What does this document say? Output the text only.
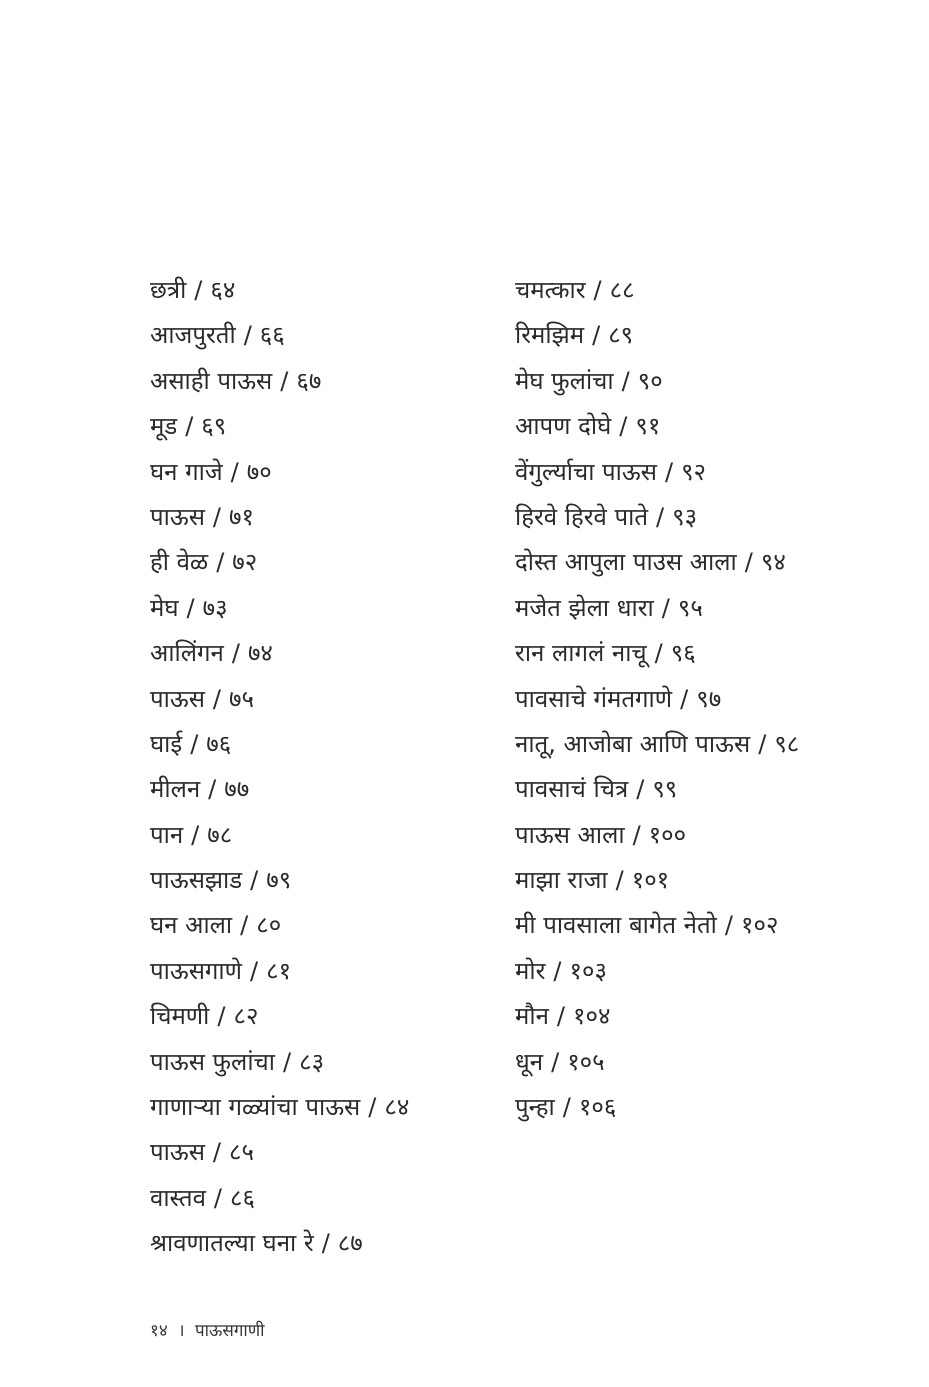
छत्री / ६४
आजपुरती / ६६
असाही पाऊस / ६७
मूड / ६९
घन गाजे / ७०
पाऊस / ७१
ही वेळ / ७२
मेघ / ७३
आलिंगन / ७४
पाऊस / ७५
घाई / ७६
मीलन / ७७
पान / ७८
पाऊसझाड / ७९
घन आला / ८०
पाऊसगाणे / ८१
चिमणी / ८२
पाऊस फुलांचा / ८३
गाणाऱ्या गळ्यांचा पाऊस / ८४
पाऊस / ८५
वास्तव / ८६
श्रावणातल्या घना रे / ८७
चमत्कार / ८८
रिमझिम / ८९
मेघ फुलांचा / ९०
आपण दोघे / ९१
वेंगुर्ल्याचा पाऊस / ९२
हिरवे हिरवे पाते / ९३
दोस्त आपुला पाउस आला / ९४
मजेत झेला धारा / ९५
रान लागलं नाचू / ९६
पावसाचे गंमतगाणे / ९७
नातू, आजोबा आणि पाऊस / ९८
पावसाचं चित्र / ९९
पाऊस आला / १००
माझा राजा / १०१
मी पावसाला बागेत नेतो / १०२
मोर / १०३
मौन / १०४
धून / १०५
पुन्हा / १०६
१४ । पाऊसगाणी
